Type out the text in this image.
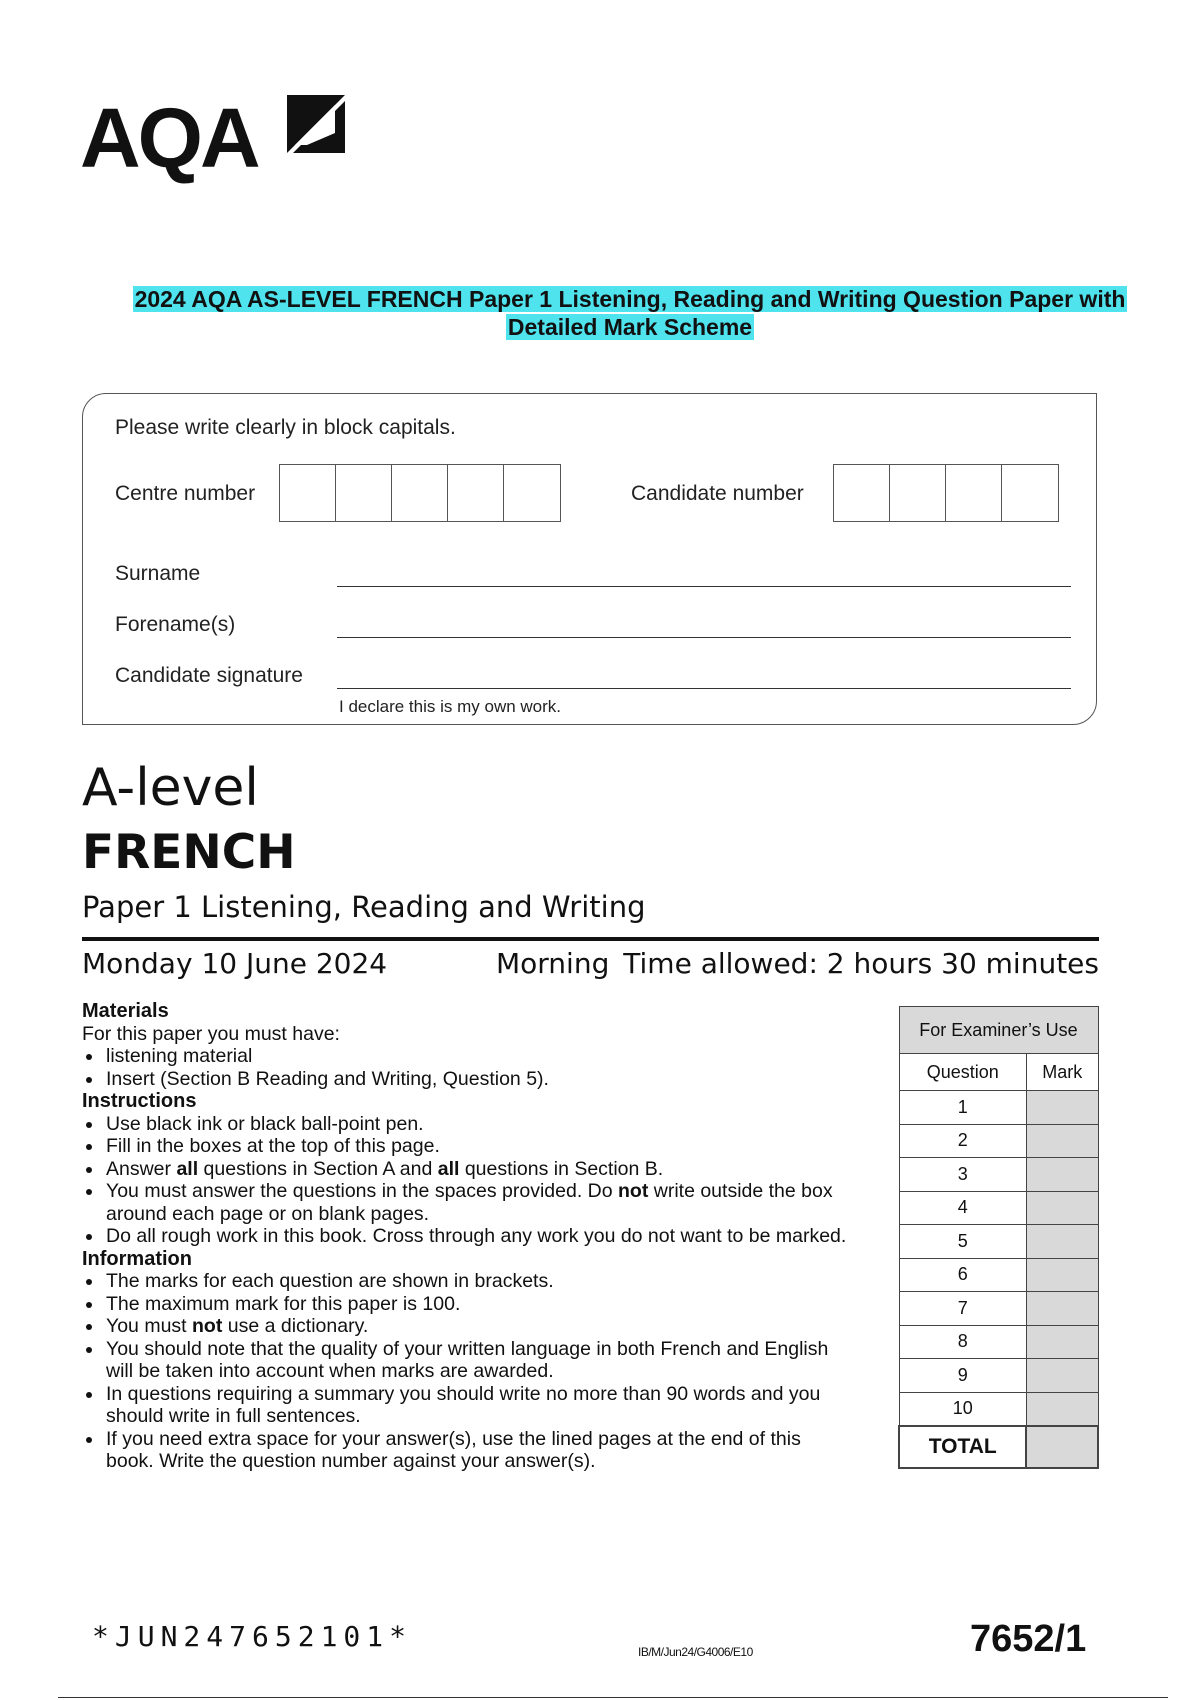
AQA
2024 AQA AS-LEVEL FRENCH Paper 1 Listening, Reading and Writing Question Paper with
Detailed Mark Scheme
Please write clearly in block capitals.
Centre number	Candidate number
Surname
Forename(s)
Candidate signature
I declare this is my own work.
A-level
FRENCH
Paper 1 Listening, Reading and Writing
Monday 10 June 2024	Morning Time allowed: 2 hours 30 minutes
Materials

For this paper you must have:

• listening material
• Insert (Section B Reading and Writing, Question 5).
Instructions
• Use black ink or black ball-point pen.
• Fill in the boxes at the top of this page.
• Answer all questions in Section A and all questions in Section B.
• You must answer the questions in the spaces provided. Do not write outside the box around each page or on blank pages.
• Do all rough work in this book. Cross through any work you do not want to be marked.
Information
• The marks for each question are shown in brackets.
• The maximum mark for this paper is 100.
• You must not use a dictionary.
• You should note that the quality of your written language in both French and English will be taken into account when marks are awarded.
• In questions requiring a summary you should write no more than 90 words and you should write in full sentences.
• If you need extra space for your answer(s), use the lined pages at the end of this book. Write the question number against your answer(s).
For Examiner’s Use	
Question	Mark
1	
2	
3	
4	
5	
6	
7	
8	
9	
10	
TOTAL	
*JUN247652101*	IB/M/Jun24/G4006/E10	7652/1
